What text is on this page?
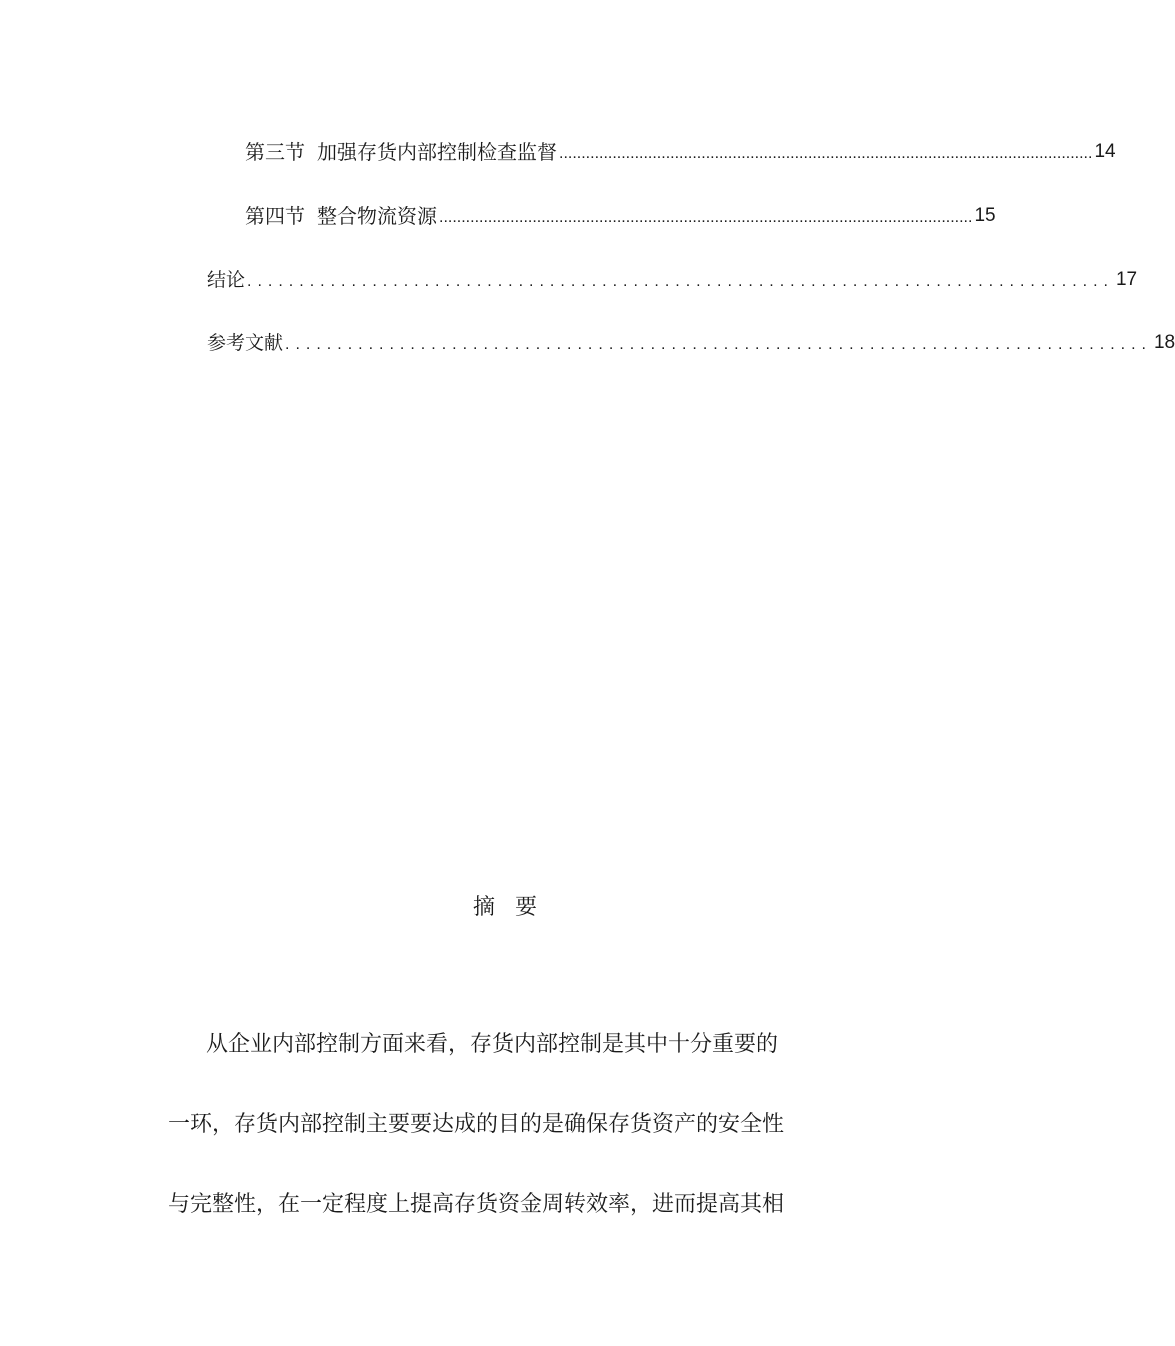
第三节 加强存货内部控制检查监督 ........................................................................................................................ 14
第四节 整合物流资源 ........................................................................................................................ 15
结论 ................................................................................... 17
参考文献 ................................................................................... 18
摘要
从企业内部控制方面来看，存货内部控制是其中十分重要的
一环，存货内部控制主要要达成的目的是确保存货资产的安全性
与完整性，在一定程度上提高存货资金周转效率，进而提高其相
